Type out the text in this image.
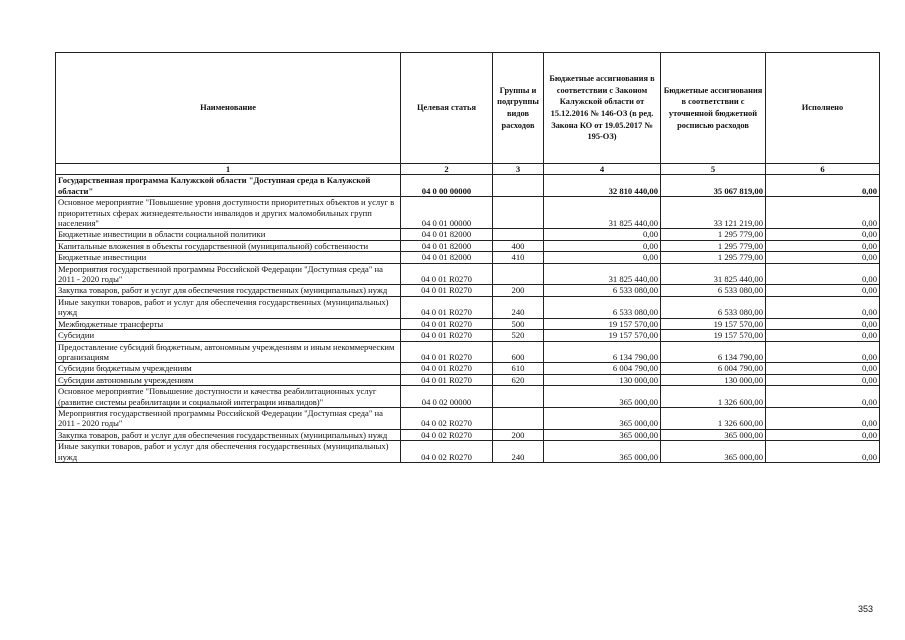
Наименование	Целевая статья	Группы и подгруппы видов расходов	Бюджетные ассигнования в соответствии с Законом Калужской области от 15.12.2016 № 146-ОЗ (в ред. Закона КО от 19.05.2017 № 195-ОЗ)	Бюджетные ассигнования в соответствии с уточненной бюджетной росписью расходов	Исполнено
1	2	3	4	5	6
Государственная программа Калужской области "Доступная среда в Калужской области"	04 0 00 00000		32 810 440,00	35 067 819,00	0,00
Основное мероприятие "Повышение уровня доступности приоритетных объектов и услуг в приоритетных сферах жизнедеятельности инвалидов и других маломобильных групп населения"	04 0 01 00000		31 825 440,00	33 121 219,00	0,00
Бюджетные инвестиции в области социальной политики	04 0 01 82000		0,00	1 295 779,00	0,00
Капитальные вложения в объекты государственной (муниципальной) собственности	04 0 01 82000	400	0,00	1 295 779,00	0,00
Бюджетные инвестиции	04 0 01 82000	410	0,00	1 295 779,00	0,00
Мероприятия государственной программы Российской Федерации "Доступная среда" на 2011 - 2020 годы"	04 0 01 R0270		31 825 440,00	31 825 440,00	0,00
Закупка товаров, работ и услуг для обеспечения государственных (муниципальных) нужд	04 0 01 R0270	200	6 533 080,00	6 533 080,00	0,00
Иные закупки товаров, работ и услуг для обеспечения государственных (муниципальных) нужд	04 0 01 R0270	240	6 533 080,00	6 533 080,00	0,00
Межбюджетные трансферты	04 0 01 R0270	500	19 157 570,00	19 157 570,00	0,00
Субсидии	04 0 01 R0270	520	19 157 570,00	19 157 570,00	0,00
Предоставление субсидий бюджетным, автономным учреждениям и иным некоммерческим организациям	04 0 01 R0270	600	6 134 790,00	6 134 790,00	0,00
Субсидии бюджетным учреждениям	04 0 01 R0270	610	6 004 790,00	6 004 790,00	0,00
Субсидии автономным учреждениям	04 0 01 R0270	620	130 000,00	130 000,00	0,00
Основное мероприятие "Повышение доступности и качества реабилитационных услуг (развитие системы реабилитации и социальной интеграции инвалидов)"	04 0 02 00000		365 000,00	1 326 600,00	0,00
Мероприятия государственной программы Российской Федерации "Доступная среда" на 2011 - 2020 годы"	04 0 02 R0270		365 000,00	1 326 600,00	0,00
Закупка товаров, работ и услуг для обеспечения государственных (муниципальных) нужд	04 0 02 R0270	200	365 000,00	365 000,00	0,00
Иные закупки товаров, работ и услуг для обеспечения государственных (муниципальных) нужд	04 0 02 R0270	240	365 000,00	365 000,00	0,00
353
